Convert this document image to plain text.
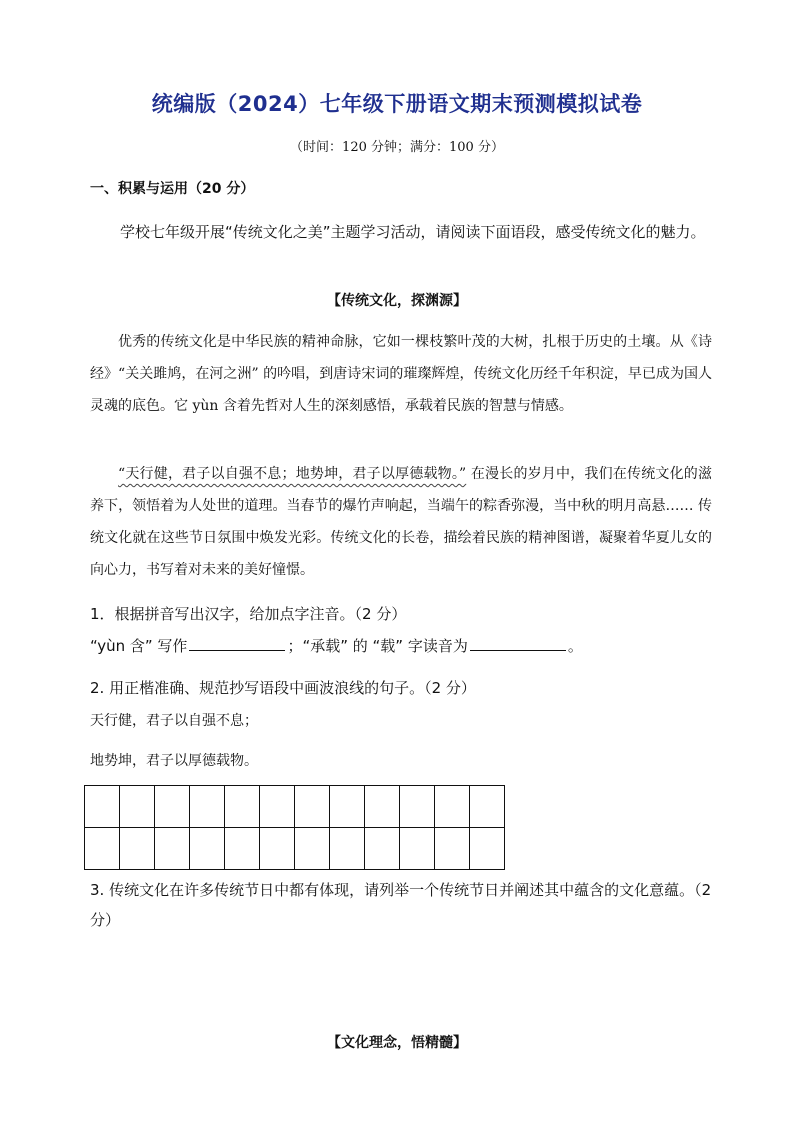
统编版（2024）七年级下册语文期末预测模拟试卷
（时间：120 分钟；满分：100 分）
一、积累与运用（20 分）
学校七年级开展“传统文化之美”主题学习活动，请阅读下面语段，感受传统文化的魅力。
【传统文化，探渊源】
优秀的传统文化是中华民族的精神命脉，它如一棵枝繁叶茂的大树，扎根于历史的土壤。从《诗经》“关关雎鸠，在河之洲” 的吟唱，到唐诗宋词的璀璨辉煌，传统文化历经千年积淀，早已成为国人灵魂的底色。它 yùn 含着先哲对人生的深刻感悟，承载着民族的智慧与情感。
“天行健，君子以自强不息；地势坤，君子以厚德载物。” 在漫长的岁月中，我们在传统文化的滋养下，领悟着为人处世的道理。当春节的爆竹声响起，当端午的粽香弥漫，当中秋的明月高悬…… 传统文化就在这些节日氛围中焕发光彩。传统文化的长卷，描绘着民族的精神图谱，凝聚着华夏儿女的向心力，书写着对未来的美好憧憬。
1．根据拼音写出汉字，给加点字注音。（2 分）
“yùn 含” 写作	；“承载” 的 “载” 字读音为	。
2. 用正楷准确、规范抄写语段中画波浪线的句子。（2 分）
天行健，君子以自强不息；
地势坤，君子以厚德载物。
3. 传统文化在许多传统节日中都有体现，请列举一个传统节日并阐述其中蕴含的文化意蕴。（2 分）
【文化理念，悟精髓】
